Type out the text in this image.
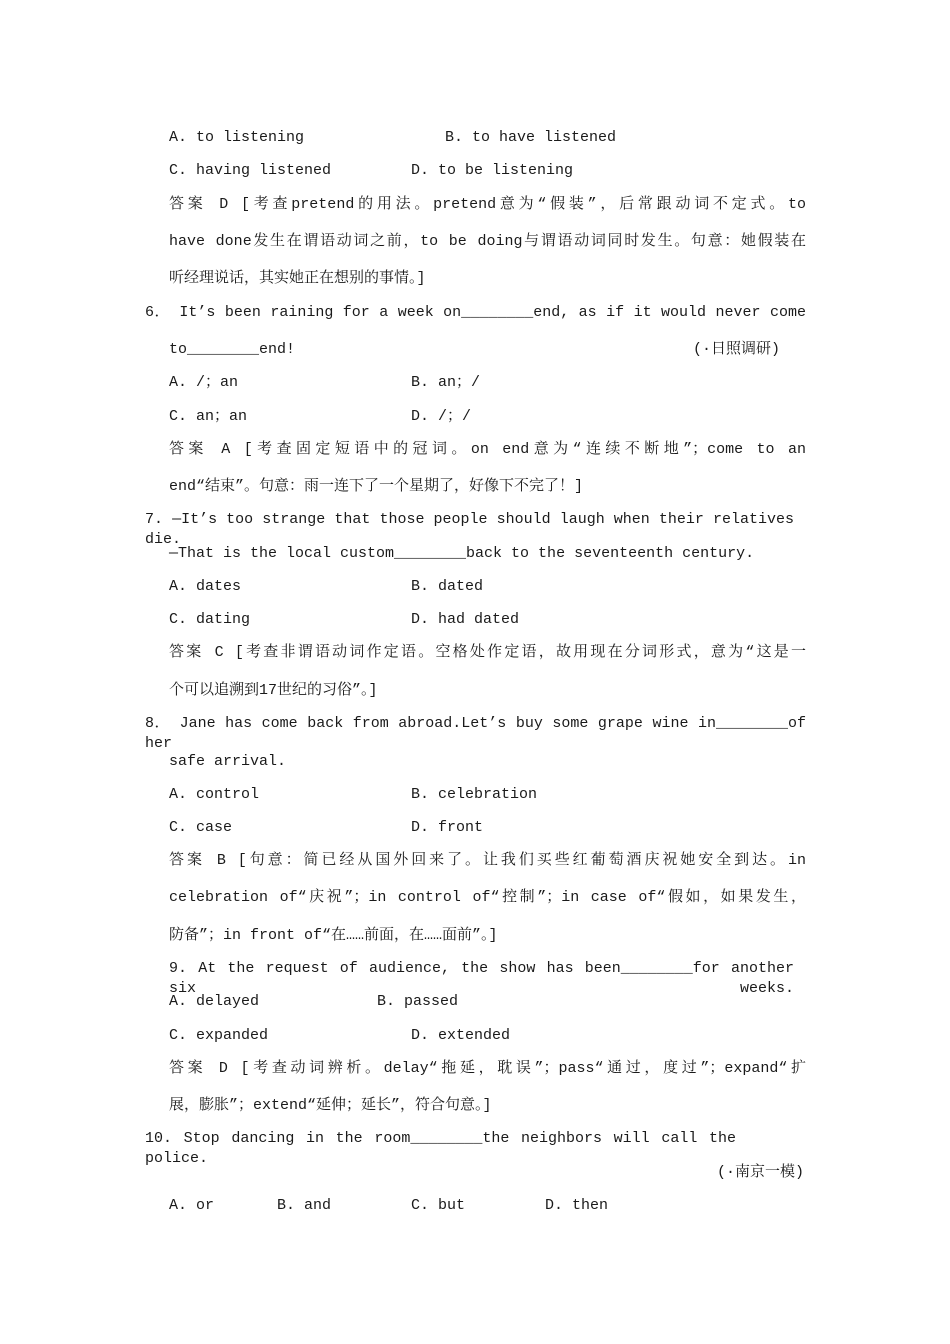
A. to listening	B. to have listened
C. having listened	D. to be listening
答案 D [考查pretend的用法。pretend意为“假装”，后常跟动词不定式。to
have done发生在谓语动词之前，to be doing与谓语动词同时发生。句意：她假装在
听经理说话，其实她正在想别的事情。]
6． It’s been raining for a week on________end, as if it would never come
to________end!	(·日照调研)
A. /；an	B. an；/
C. an；an	D. /；/
答案 A [考查固定短语中的冠词。on end意为“连续不断地”；come to an
end“结束”。句意：雨一连下了一个星期了，好像下不完了！]
7. —It’s too strange that those people should laugh when their relatives die.
—That is the local custom________back to the seventeenth century.
A. dates	B. dated
C. dating	D. had dated
答案 C [考查非谓语动词作定语。空格处作定语，故用现在分词形式，意为“这是一
个可以追溯到17世纪的习俗”。]
8． Jane has come back from abroad.Let’s buy some grape wine in________of her
safe arrival.
A. control	B. celebration
C. case	D. front
答案 B [句意：简已经从国外回来了。让我们买些红葡萄酒庆祝她安全到达。in
celebration of“庆祝”；in control of“控制”；in case of“假如，如果发生，
防备”；in front of“在……前面，在……面前”。]
9. At the request of audience, the show has been________for another six weeks.
A. delayed	B. passed
C. expanded	D. extended
答案 D [考查动词辨析。delay“拖延，耽误”；pass“通过，度过”；expand“扩
展，膨胀”；extend“延伸；延长”，符合句意。]
10. Stop dancing in the room________the neighbors will call the police.
(·南京一模)
A. or	B. and	C. but	D. then
